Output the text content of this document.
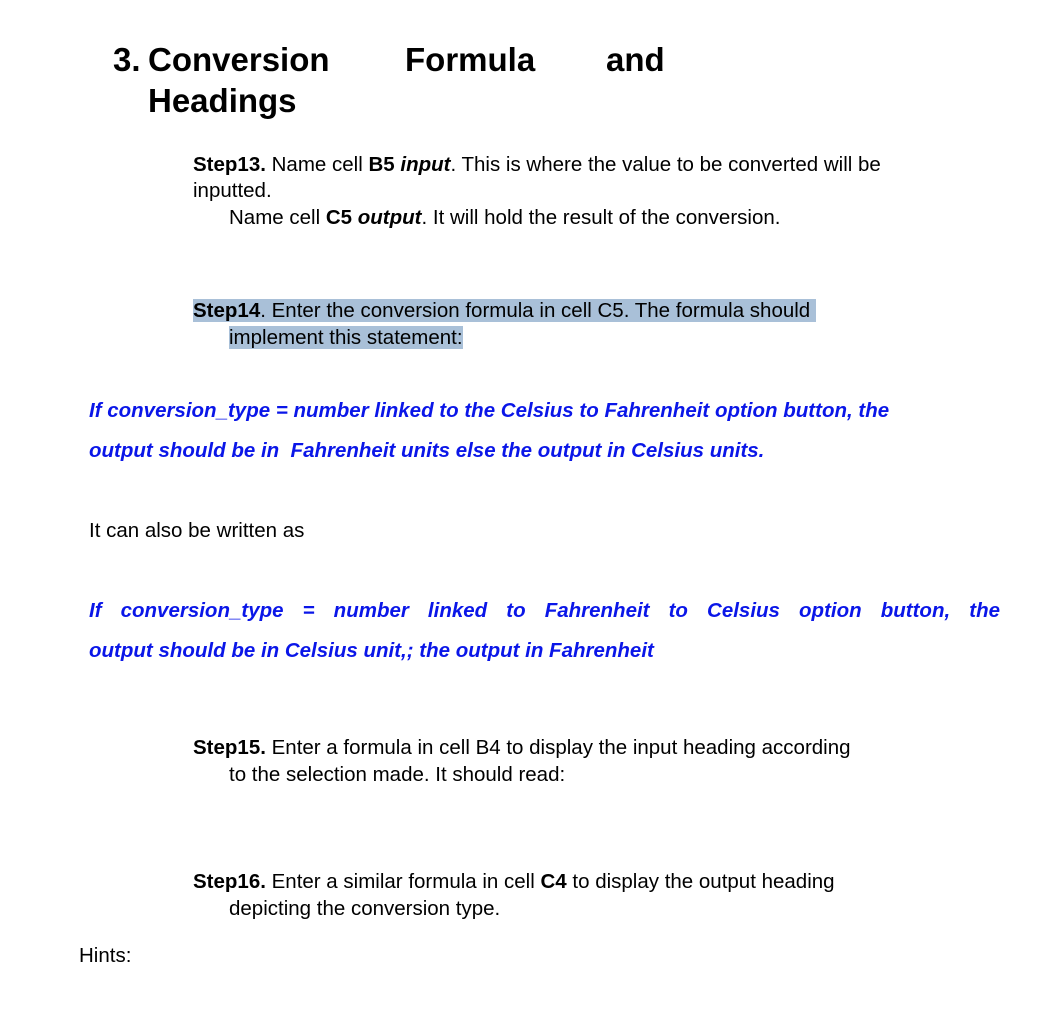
3. Conversion Formula and
Headings
Step13. Name cell B5 input. This is where the value to be converted will be
inputted.
Name cell C5 output. It will hold the result of the conversion.
Step14. Enter the conversion formula in cell C5. The formula should
implement this statement:
If conversion_type = number linked to the Celsius to Fahrenheit option button, the
output should be in  Fahrenheit units else the output in Celsius units.
It can also be written as
If conversion_type = number linked to Fahrenheit to Celsius option button, the
output should be in Celsius unit,; the output in Fahrenheit
Step15. Enter a formula in cell B4 to display the input heading according
to the selection made. It should read:
Step16. Enter a similar formula in cell C4 to display the output heading
depicting the conversion type.
Hints:
